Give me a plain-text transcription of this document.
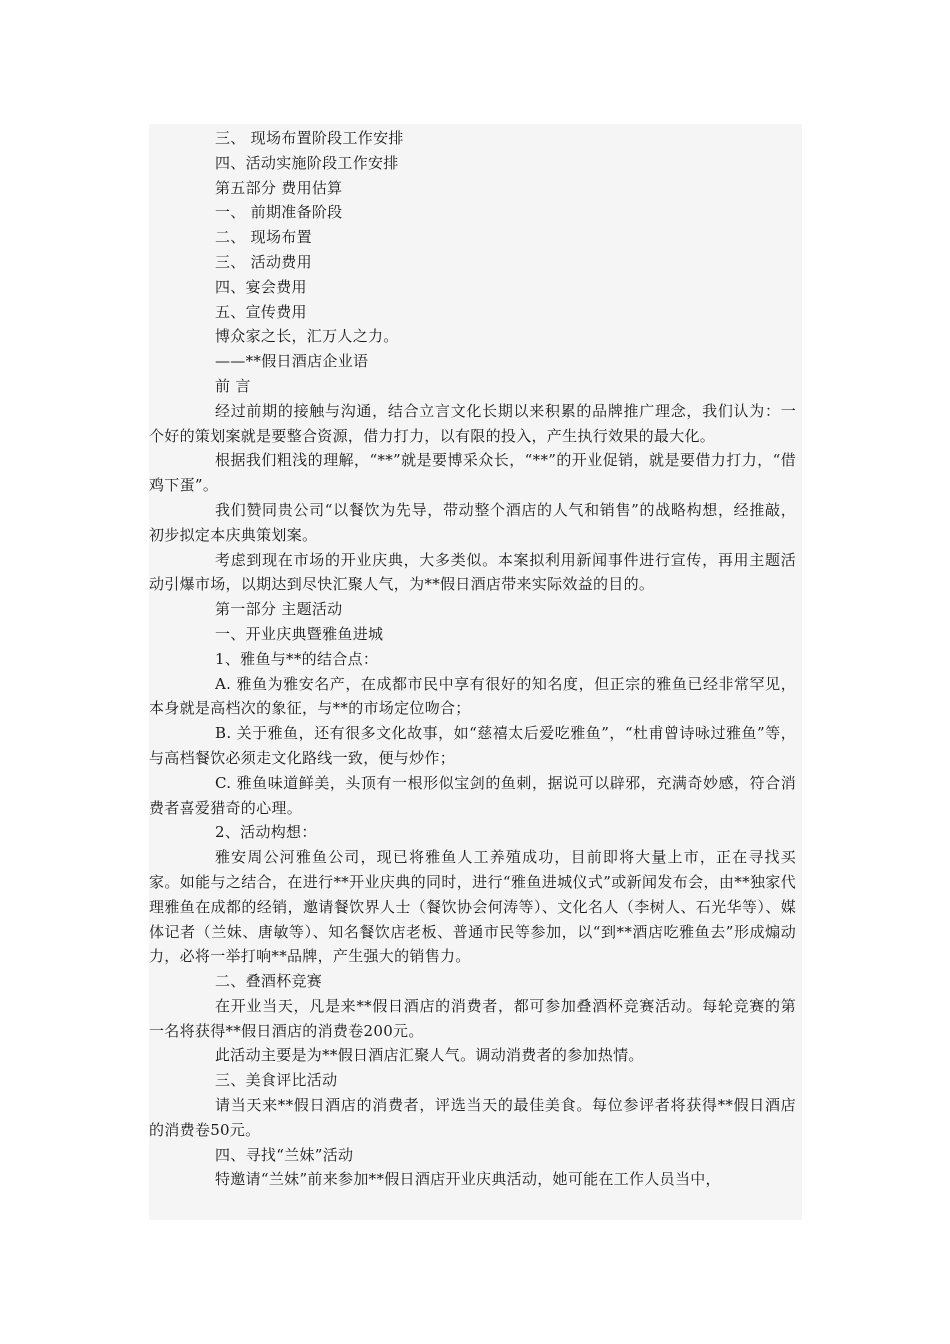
三、 现场布置阶段工作安排

四、活动实施阶段工作安排

第五部分 费用估算

一、 前期准备阶段

二、 现场布置

三、 活动费用

四、宴会费用

五、宣传费用

博众家之长，汇万人之力。

——**假日酒店企业语

前 言

经过前期的接触与沟通，结合立言文化长期以来积累的品牌推广理念，我们认为：一个好的策划案就是要整合资源，借力打力，以有限的投入，产生执行效果的最大化。

根据我们粗浅的理解，“**”就是要博采众长，“**”的开业促销，就是要借力打力，“借鸡下蛋”。

我们赞同贵公司“以餐饮为先导，带动整个酒店的人气和销售”的战略构想，经推敲，初步拟定本庆典策划案。

考虑到现在市场的开业庆典，大多类似。本案拟利用新闻事件进行宣传，再用主题活动引爆市场，以期达到尽快汇聚人气，为**假日酒店带来实际效益的目的。

第一部分 主题活动

一、开业庆典暨雅鱼进城

1、雅鱼与**的结合点：

A. 雅鱼为雅安名产，在成都市民中享有很好的知名度，但正宗的雅鱼已经非常罕见，本身就是高档次的象征，与**的市场定位吻合；

B. 关于雅鱼，还有很多文化故事，如“慈禧太后爱吃雅鱼”，“杜甫曾诗咏过雅鱼”等，与高档餐饮必须走文化路线一致，便与炒作；

C. 雅鱼味道鲜美，头顶有一根形似宝剑的鱼刺，据说可以辟邪，充满奇妙感，符合消费者喜爱猎奇的心理。

2、活动构想：

雅安周公河雅鱼公司，现已将雅鱼人工养殖成功，目前即将大量上市，正在寻找买家。如能与之结合，在进行**开业庆典的同时，进行“雅鱼进城仪式”或新闻发布会，由**独家代理雅鱼在成都的经销，邀请餐饮界人士（餐饮协会何涛等）、文化名人（李树人、石光华等）、媒体记者（兰妹、唐敏等）、知名餐饮店老板、普通市民等参加，以“到**酒店吃雅鱼去”形成煽动力，必将一举打响**品牌，产生强大的销售力。

二、叠酒杯竞赛

在开业当天，凡是来**假日酒店的消费者，都可参加叠酒杯竞赛活动。每轮竞赛的第一名将获得**假日酒店的消费卷200元。

此活动主要是为**假日酒店汇聚人气。调动消费者的参加热情。

三、美食评比活动

请当天来**假日酒店的消费者，评选当天的最佳美食。每位参评者将获得**假日酒店的消费卷50元。

四、寻找“兰妹”活动

特邀请“兰妹”前来参加**假日酒店开业庆典活动，她可能在工作人员当中，
